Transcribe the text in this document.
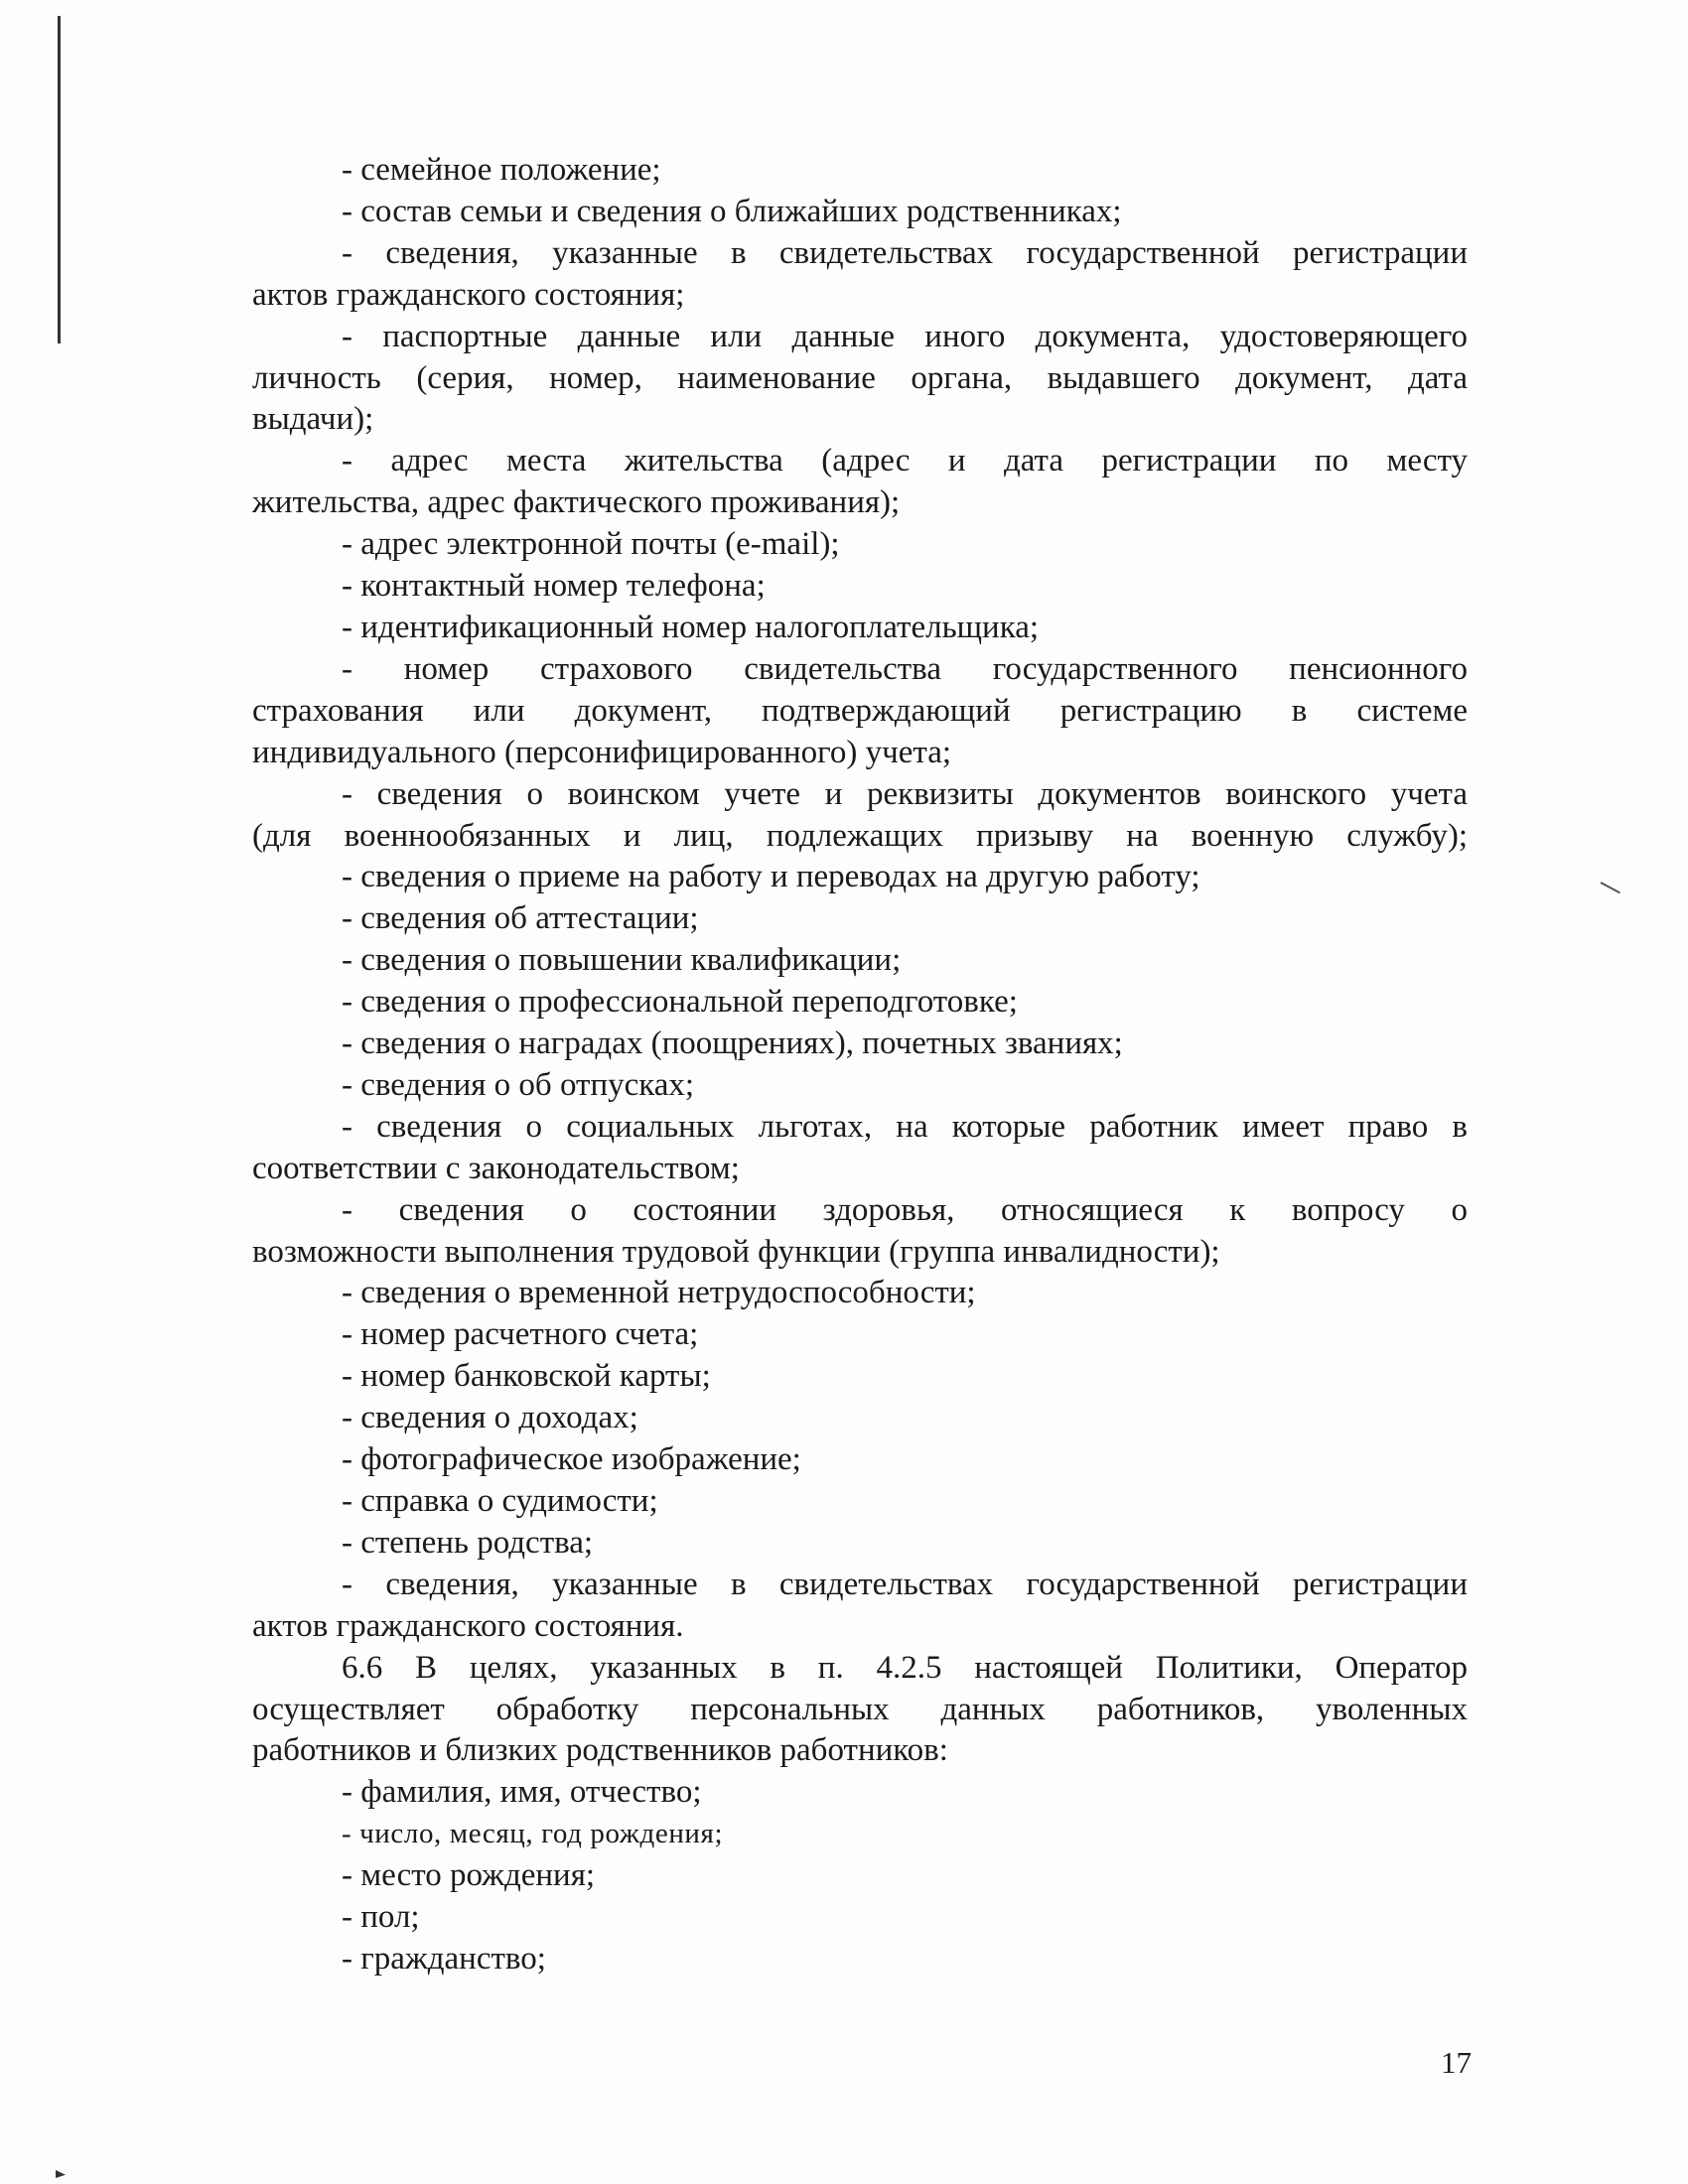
- семейное положение;
- состав семьи и сведения о ближайших родственниках;
- сведения, указанные в свидетельствах государственной регистрации
актов гражданского состояния;
- паспортные данные или данные иного документа, удостоверяющего
личность (серия, номер, наименование органа, выдавшего документ, дата
выдачи);
- адрес места жительства (адрес и дата регистрации по месту
жительства, адрес фактического проживания);
- адрес электронной почты (e-mail);
- контактный номер телефона;
- идентификационный номер налогоплательщика;
- номер страхового свидетельства государственного пенсионного
страхования или документ, подтверждающий регистрацию в системе
индивидуального (персонифицированного) учета;
- сведения о воинском учете и реквизиты документов воинского учета
(для военнообязанных и лиц, подлежащих призыву на военную службу);
- сведения о приеме на работу и переводах на другую работу;
- сведения об аттестации;
- сведения о повышении квалификации;
- сведения о профессиональной переподготовке;
- сведения о наградах (поощрениях), почетных званиях;
- сведения о об отпусках;
- сведения о социальных льготах, на которые работник имеет право в
соответствии с законодательством;
- сведения о состоянии здоровья, относящиеся к вопросу о
возможности выполнения трудовой функции (группа инвалидности);
- сведения о временной нетрудоспособности;
- номер расчетного счета;
- номер банковской карты;
- сведения о доходах;
- фотографическое изображение;
- справка о судимости;
- степень родства;
- сведения, указанные в свидетельствах государственной регистрации
актов гражданского состояния.
6.6 В целях, указанных в п. 4.2.5 настоящей Политики, Оператор
осуществляет обработку персональных данных работников, уволенных
работников и близких родственников работников:
- фамилия, имя, отчество;
- число, месяц, год рождения;
- место рождения;
- пол;
- гражданство;
17
